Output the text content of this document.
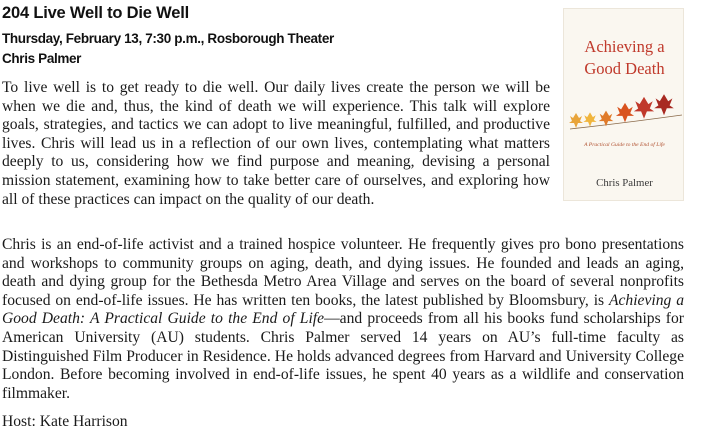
204 Live Well to Die Well
Thursday, February 13, 7:30 p.m., Rosborough Theater
Chris Palmer

To live well is to get ready to die well. Our daily lives create the person we will be when we die and, thus, the kind of death we will experience. This talk will explore goals, strategies, and tactics we can adopt to live meaningful, fulfilled, and productive lives. Chris will lead us in a reflection of our own lives, contemplating what matters deeply to us, considering how we find purpose and meaning, devising a personal mission statement, examining how to take better care of ourselves, and exploring how all of these practices can impact on the quality of our death.

Chris is an end-of-life activist and a trained hospice volunteer. He frequently gives pro bono presentations and workshops to community groups on aging, death, and dying issues. He founded and leads an aging, death and dying group for the Bethesda Metro Area Village and serves on the board of several nonprofits focused on end-of-life issues. He has written ten books, the latest published by Bloomsbury, is Achieving a Good Death: A Practical Guide to the End of Life—and proceeds from all his books fund scholarships for American University (AU) students. Chris Palmer served 14 years on AU’s full-time faculty as Distinguished Film Producer in Residence. He holds advanced degrees from Harvard and University College London. Before becoming involved in end-of-life issues, he spent 40 years as a wildlife and conservation filmmaker.

Host: Kate Harrison
Achieving a
Good Death
A Practical Guide to the End of Life
Chris Palmer
